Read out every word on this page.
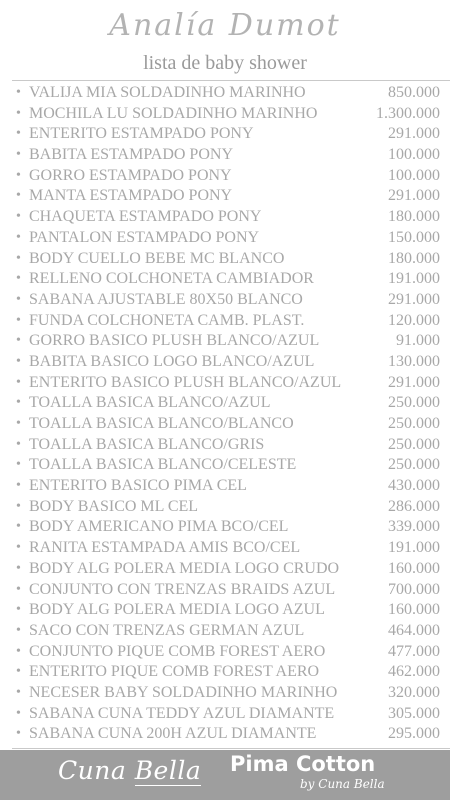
Analía Dumot
lista de baby shower
• VALIJA MIA SOLDADINHO MARINHO	850.000
• MOCHILA LU SOLDADINHO MARINHO	1.300.000
• ENTERITO ESTAMPADO PONY	291.000
• BABITA ESTAMPADO PONY	100.000
• GORRO ESTAMPADO PONY	100.000
• MANTA ESTAMPADO PONY	291.000
• CHAQUETA ESTAMPADO PONY	180.000
• PANTALON ESTAMPADO PONY	150.000
• BODY CUELLO BEBE MC BLANCO	180.000
• RELLENO COLCHONETA CAMBIADOR	191.000
• SABANA AJUSTABLE 80X50 BLANCO	291.000
• FUNDA COLCHONETA CAMB. PLAST.	120.000
• GORRO BASICO PLUSH BLANCO/AZUL	91.000
• BABITA BASICO LOGO BLANCO/AZUL	130.000
• ENTERITO BASICO PLUSH BLANCO/AZUL	291.000
• TOALLA BASICA BLANCO/AZUL	250.000
• TOALLA BASICA BLANCO/BLANCO	250.000
• TOALLA BASICA BLANCO/GRIS	250.000
• TOALLA BASICA BLANCO/CELESTE	250.000
• ENTERITO BASICO PIMA CEL	430.000
• BODY BASICO ML CEL	286.000
• BODY AMERICANO PIMA BCO/CEL	339.000
• RANITA ESTAMPADA AMIS BCO/CEL	191.000
• BODY ALG POLERA MEDIA LOGO CRUDO	160.000
• CONJUNTO CON TRENZAS BRAIDS AZUL	700.000
• BODY ALG POLERA MEDIA LOGO AZUL	160.000
• SACO CON TRENZAS GERMAN AZUL	464.000
• CONJUNTO PIQUE COMB FOREST AERO	477.000
• ENTERITO PIQUE COMB FOREST AERO	462.000
• NECESER BABY SOLDADINHO MARINHO	320.000
• SABANA CUNA TEDDY AZUL DIAMANTE	305.000
• SABANA CUNA 200H AZUL DIAMANTE	295.000
Cuna Bella Pima Cotton
by Cuna Bella
